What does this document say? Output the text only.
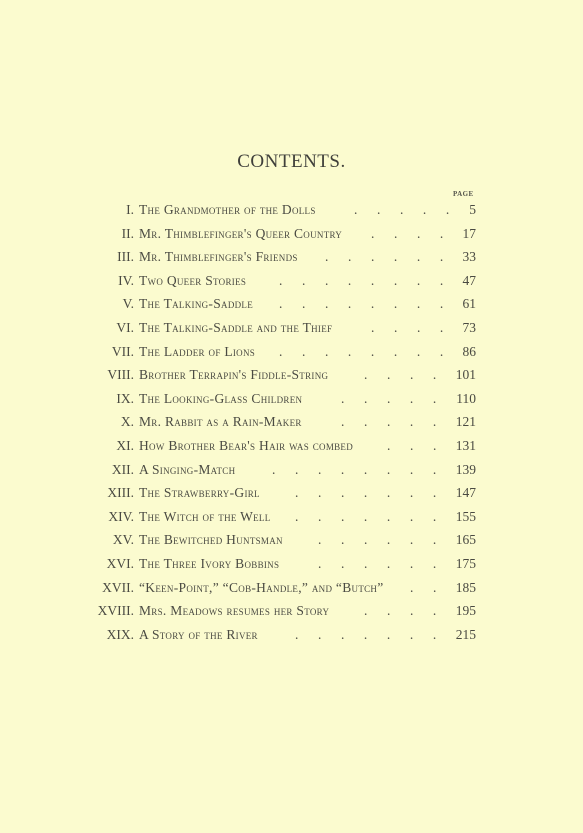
CONTENTS.
PAGE
I. The Grandmother of the Dolls	..... 5
II. Mr. Thimblefinger's Queer Country .... 17
III. Mr. Thimblefinger's Friends ...... 33
IV. Two Queer Stories ........ 47
V. The Talking-Saddle ........ 61
VI. The Talking-Saddle and the Thief	.... 73
VII. The Ladder of Lions ........ 86
VIII. Brother Terrapin's Fiddle-String	.... 101
IX. The Looking-Glass Children	..... 110
X. Mr. Rabbit as a Rain-Maker	..... 121
XI. How Brother Bear's Hair was combed	... 131
XII. A Singing-Match	........ 139
XIII. The Strawberry-Girl	....... 147
XIV. The Witch of the Well ....... 155
XV. The Bewitched Huntsman	...... 165
XVI. The Three Ivory Bobbins	...... 175
XVII. “Keen-Point,” “Cob-Handle,” and “Butch” .. 185
XVIII. Mrs. Meadows resumes her Story	.... 195
XIX. A Story of the River	....... 215
